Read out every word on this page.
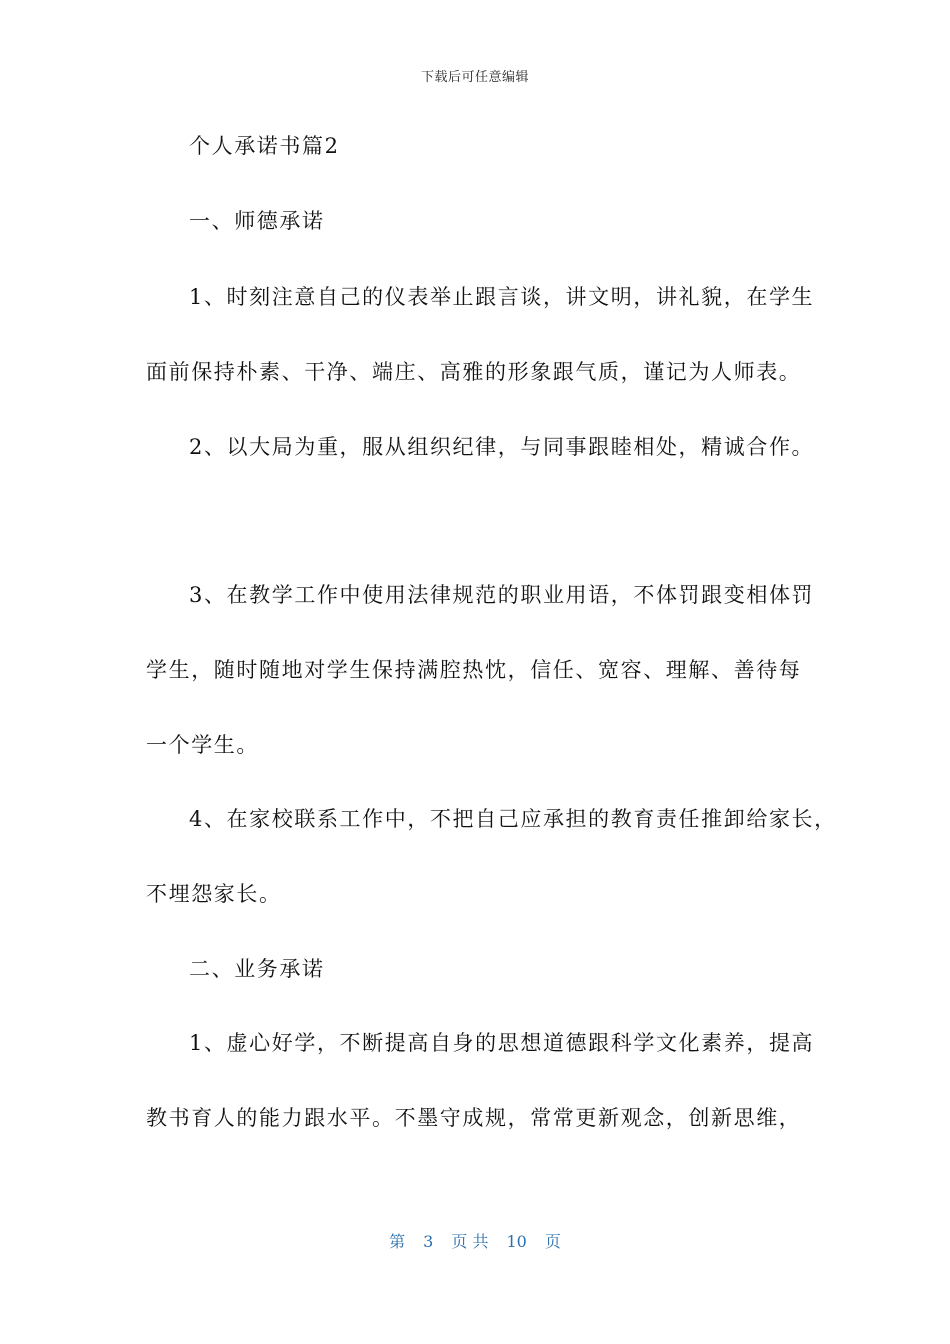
下载后可任意编辑
个人承诺书篇2
一、师德承诺
1、时刻注意自己的仪表举止跟言谈，讲文明，讲礼貌，在学生
面前保持朴素、干净、端庄、高雅的形象跟气质，谨记为人师表。
2、以大局为重，服从组织纪律，与同事跟睦相处，精诚合作。
3、在教学工作中使用法律规范的职业用语，不体罚跟变相体罚
学生，随时随地对学生保持满腔热忱，信任、宽容、理解、善待每
一个学生。
4、在家校联系工作中，不把自己应承担的教育责任推卸给家长，
不埋怨家长。
二、业务承诺
1、虚心好学，不断提高自身的思想道德跟科学文化素养，提高
教书育人的能力跟水平。不墨守成规，常常更新观念，创新思维，
第 3 页 共 10 页
